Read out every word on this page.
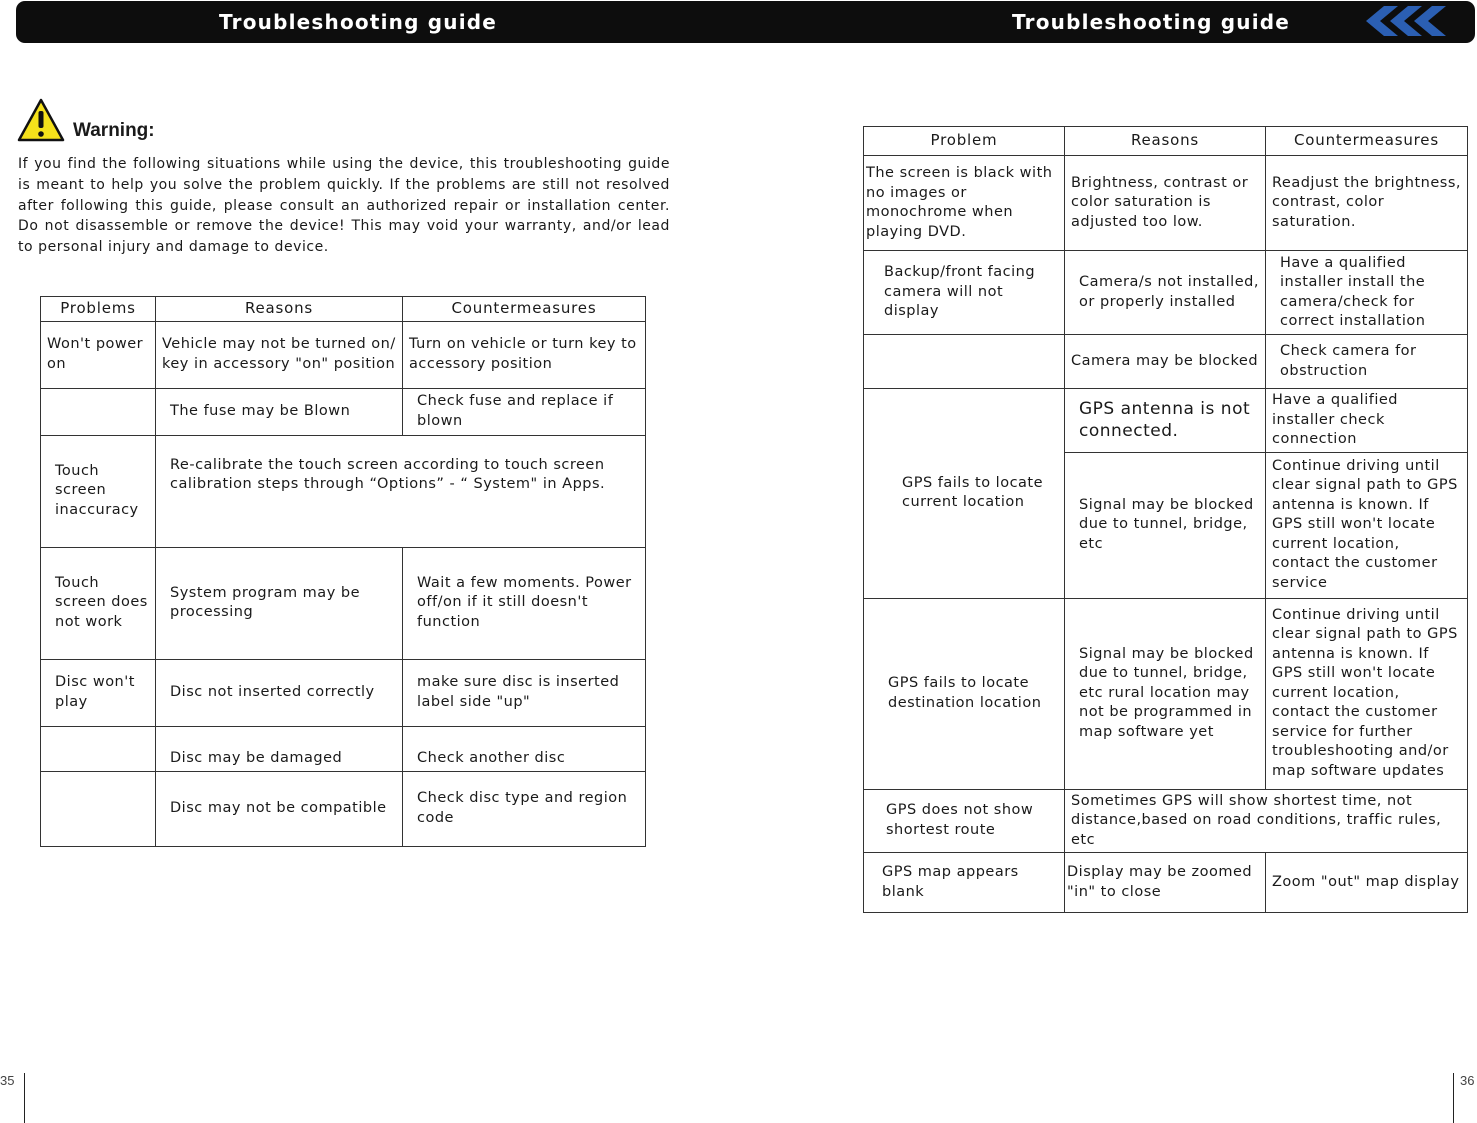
Troubleshooting guide	Troubleshooting guide
Warning:
If you find the following situations while using the device, this troubleshooting guide is meant to help you solve the problem quickly. If the problems are still not resolved after following this guide, please consult an authorized repair or installation center. Do not disassemble or remove the device! This may void your warranty, and/or lead to personal injury and damage to device.
Problems	Reasons	Countermeasures
Won't power on	Vehicle may not be turned on/ key in accessory "on" position	Turn on vehicle or turn key to accessory position
	The fuse may be Blown	Check fuse and replace if blown
Touch screen inaccuracy	Re-calibrate the touch screen according to touch screen calibration steps through “Options” - “ System" in Apps.	
Touch screen does not work	System program may be processing	Wait a few moments. Power off/on if it still doesn't function
Disc won't play	Disc not inserted correctly	make sure disc is inserted label side "up"
	Disc may be damaged	Check another disc
	Disc may not be compatible	Check disc type and region code
Problem	Reasons	Countermeasures
The screen is black with no images or monochrome when playing DVD.	Brightness, contrast or color saturation is adjusted too low.	Readjust the brightness, contrast, color saturation.
Backup/front facing camera will not display	Camera/s not installed, or properly installed	Have a qualified installer install the camera/check for correct installation
	Camera may be blocked	Check camera for obstruction
GPS fails to locate current location	GPS antenna is not connected.	Have a qualified installer check connection
	Signal may be blocked due to tunnel, bridge, etc	Continue driving until clear signal path to GPS antenna is known. If GPS still won't locate current location, contact the customer service
GPS fails to locate destination location	Signal may be blocked due to tunnel, bridge, etc rural location may not be programmed in map software yet	Continue driving until clear signal path to GPS antenna is known. If GPS still won't locate current location, contact the customer service for further troubleshooting and/or map software updates
GPS does not show shortest route	Sometimes GPS will show shortest time, not distance,based on road conditions, traffic rules, etc	
GPS map appears blank	Display may be zoomed "in" to close	Zoom "out" map display
35	36
